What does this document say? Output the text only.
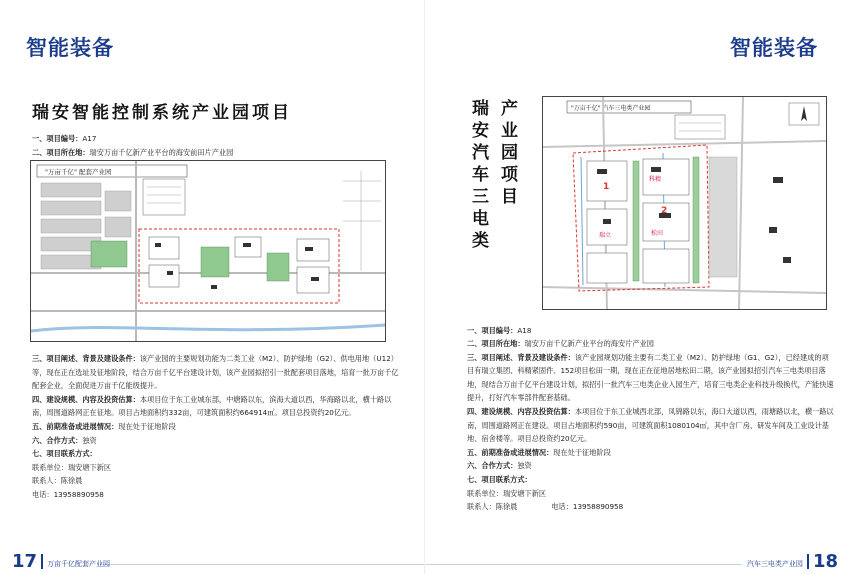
智能装备
瑞安智能控制系统产业园项目

一、项目编号：A17

二、项目所在地：瑞安万亩千亿新产业平台的海安前田片产业园

"万亩千亿" 配套产业园

三、项目阐述、背景及建设条件：该产业园的主要规划功能为二类工业（M2）、防护绿地（G2）、供电用地（U12）等，现在正在选址及征地阶段，结合万亩千亿平台建设计划，该产业园拟招引一批配套项目落地，培育一批万亩千亿配套企业，全面促进万亩千亿能级提升。

四、建设规模、内容及投资估算：本项目位于东工业城东部，中塘路以东，滨海大道以西，华海路以北，横十路以南，周围道路网正在征地。项目占地面积约332亩，可建筑面积约664914㎡。项目总投资约20亿元。

五、前期准备或进展情况：现在处于征地阶段

六、合作方式：独资

七、项目联系方式：

联系单位：瑞安塘下新区

联系人：陈徐晨

电话：13958890958

17 万亩千亿配套产业园
智能装备
瑞
安
汽
车
三
电
类
产
业
园
项
目
"万亩千亿" 汽车三电类产业园
1
2
瑞立
科精
松田

一、项目编号：A18

二、项目所在地：瑞安万亩千亿新产业平台的海安片产业园

三、项目阐述、背景及建设条件：该产业园规划功能主要有二类工业（M2）、防护绿地（G1、G2），已经建成的项目有瑞立集团、科精紧固件、152项目松田一期，现在正在征地居地松田二期，该产业园拟招引汽车三电类项目落地，现结合万亩千亿平台建设计划，拟招引一批汽车三电类企业入园生产，培育三电类企业科技升级换代，产能快速提升，打好汽车零部件配套基础。

四、建设规模、内容及投资估算：本项目位于东工业城西北部，凤锦路以东，海口大道以西，雨塘路以北，横一路以南，周围道路网正在建设。项目占地面积约590亩，可建筑面积1080104㎡，其中含厂房、研发车间及工业设计基地、宿舍楼等。项目总投资约20亿元。

五、前期准备或进展情况：现在处于征地阶段

六、合作方式：独资

七、项目联系方式：

联系单位：瑞安塘下新区

联系人：陈徐晨	电话：13958890958

汽车三电类产业园 18
